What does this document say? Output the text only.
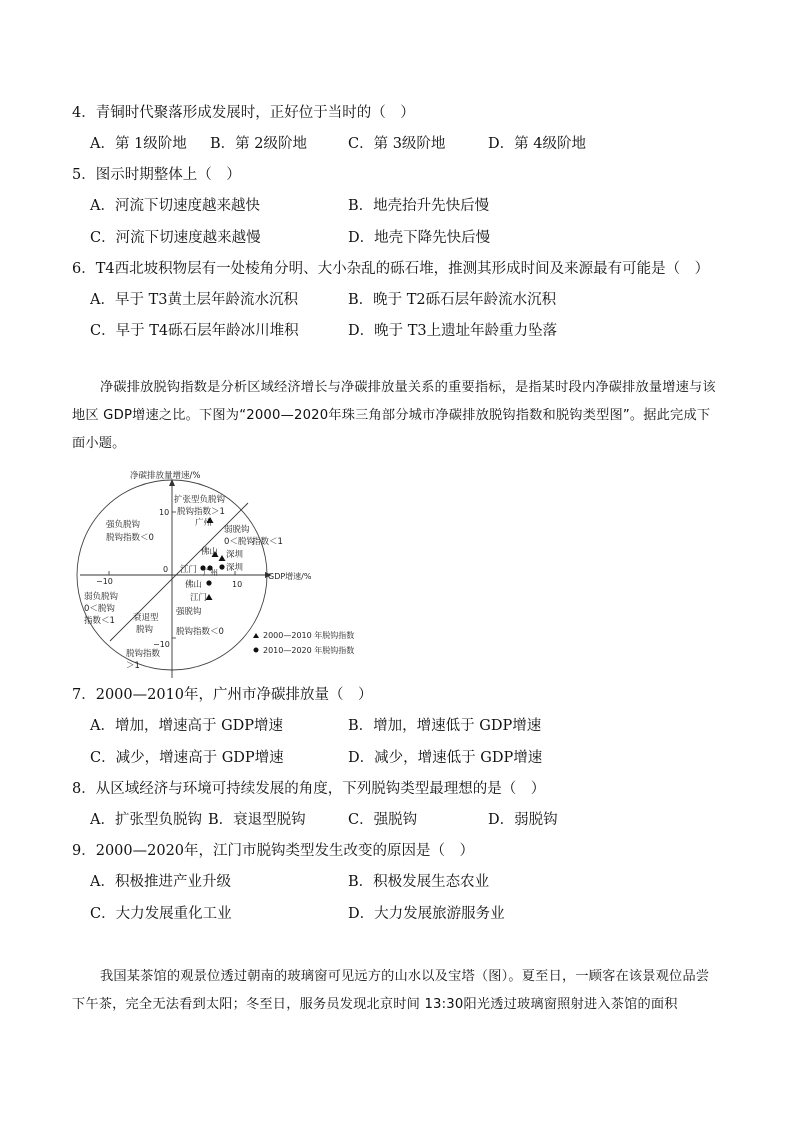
4．青铜时代聚落形成发展时，正好位于当时的（　）
A．第 1级阶地 B．第 2级阶地	C．第 3级阶地	D．第 4级阶地
5．图示时期整体上（　）
A．河流下切速度越来越快	B．地壳抬升先快后慢
C．河流下切速度越来越慢	D．地壳下降先快后慢
6．T4西北坡积物层有一处棱角分明、大小杂乱的砾石堆，推测其形成时间及来源最有可能是（　）
A．早于 T3黄土层年龄流水沉积	B．晚于 T2砾石层年龄流水沉积
C．早于 T4砾石层年龄冰川堆积	D．晚于 T3上遗址年龄重力坠落
净碳排放脱钩指数是分析区域经济增长与净碳排放量关系的重要指标，是指某时段内净碳排放量增速与该地区 GDP增速之比。下图为“2000—2020年珠三角部分城市净碳排放脱钩指数和脱钩类型图”。据此完成下面小题。
净碳排放量增速/%
GDP增速/%
10
−10
10
−10
0
扩张型负脱钩
脱钩指数＞1
弱脱钩
0＜脱钩
指数＜1
强负脱钩
脱钩指数＜0
弱负脱钩
0＜脱钩
指数＜1 衰退型
脱钩
脱钩指数
＞1
强脱钩
脱钩指数＜0
广州
佛山 深圳
江门
江门 广州 深圳
佛山
2000—2010 年脱钩指数
2010—2020 年脱钩指数
7．2000—2010年，广州市净碳排放量（　）
A．增加，增速高于 GDP增速	B．增加，增速低于 GDP增速
C．减少，增速高于 GDP增速	D．减少，增速低于 GDP增速
8．从区域经济与环境可持续发展的角度，下列脱钩类型最理想的是（　）
A．扩张型负脱钩 B．衰退型脱钩	C．强脱钩	D．弱脱钩
9．2000—2020年，江门市脱钩类型发生改变的原因是（　）
A．积极推进产业升级	B．积极发展生态农业
C．大力发展重化工业	D．大力发展旅游服务业
我国某茶馆的观景位透过朝南的玻璃窗可见远方的山水以及宝塔（图）。夏至日，一顾客在该景观位品尝下午茶，完全无法看到太阳；冬至日，服务员发现北京时间 13:30阳光透过玻璃窗照射进入茶馆的面积
